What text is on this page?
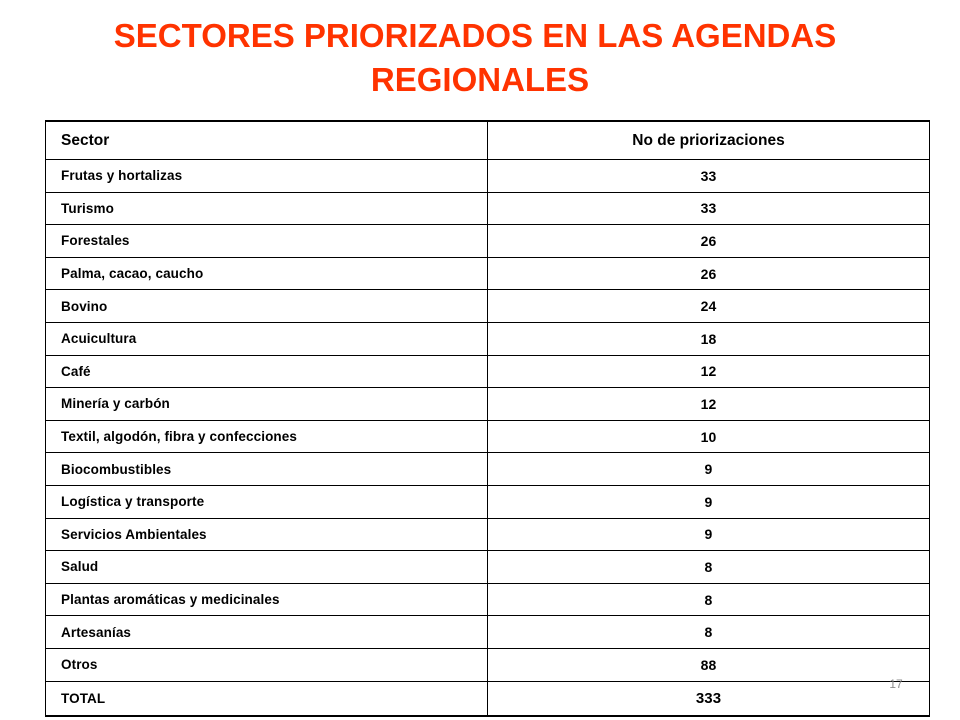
SECTORES PRIORIZADOS EN LAS AGENDAS
REGIONALES
Sector	No de priorizaciones
Frutas y hortalizas	33
Turismo	33
Forestales	26
Palma, cacao, caucho	26
Bovino	24
Acuicultura	18
Café	12
Minería y carbón	12
Textil, algodón, fibra y confecciones	10
Biocombustibles	9
Logística y transporte	9
Servicios Ambientales	9
Salud	8
Plantas aromáticas y medicinales	8
Artesanías	8
Otros	88
TOTAL	333
17
